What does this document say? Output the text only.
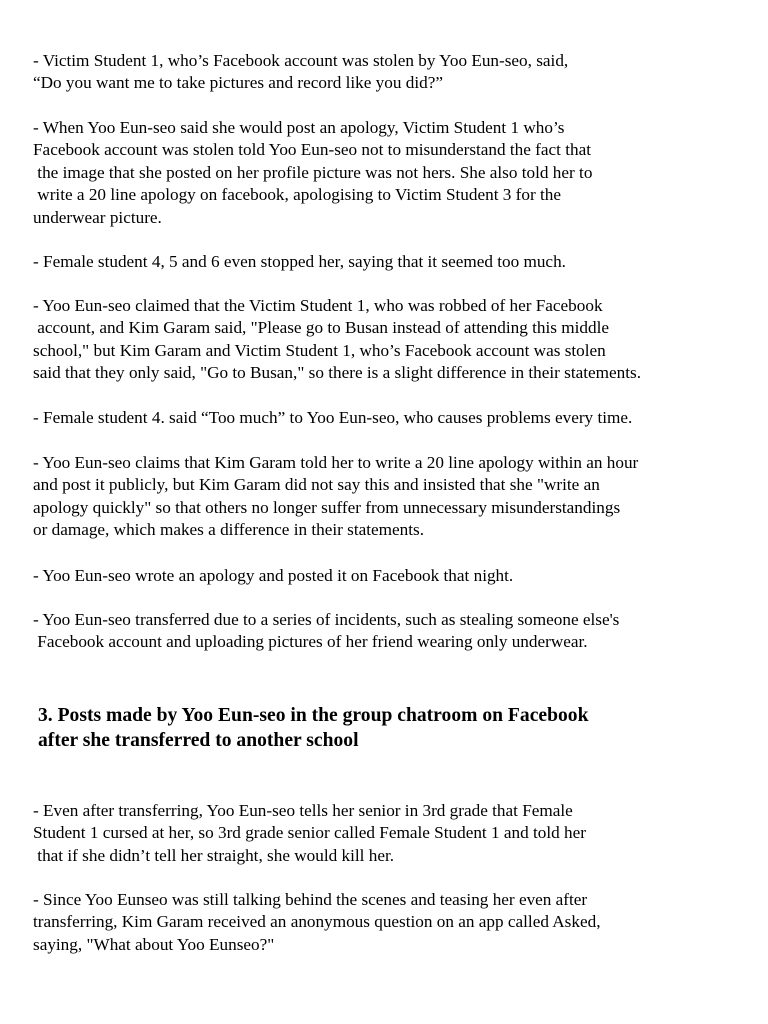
- Victim Student 1, who’s Facebook account was stolen by Yoo Eun-seo, said,
“Do you want me to take pictures and record like you did?”

- When Yoo Eun-seo said she would post an apology, Victim Student 1 who’s
Facebook account was stolen told Yoo Eun-seo not to misunderstand the fact that
the image that she posted on her profile picture was not hers. She also told her to
write a 20 line apology on facebook, apologising to Victim Student 3 for the
underwear picture.

- Female student 4, 5 and 6 even stopped her, saying that it seemed too much.

- Yoo Eun-seo claimed that the Victim Student 1, who was robbed of her Facebook
account, and Kim Garam said, "Please go to Busan instead of attending this middle
school," but Kim Garam and Victim Student 1, who’s Facebook account was stolen
said that they only said, "Go to Busan," so there is a slight difference in their statements.

- Female student 4. said “Too much” to Yoo Eun-seo, who causes problems every time.

- Yoo Eun-seo claims that Kim Garam told her to write a 20 line apology within an hour
and post it publicly, but Kim Garam did not say this and insisted that she "write an
apology quickly" so that others no longer suffer from unnecessary misunderstandings
or damage, which makes a difference in their statements.

- Yoo Eun-seo wrote an apology and posted it on Facebook that night.

- Yoo Eun-seo transferred due to a series of incidents, such as stealing someone else's
Facebook account and uploading pictures of her friend wearing only underwear.

3. Posts made by Yoo Eun-seo in the group chatroom on Facebook
after she transferred to another school

- Even after transferring, Yoo Eun-seo tells her senior in 3rd grade that Female
Student 1 cursed at her, so 3rd grade senior called Female Student 1 and told her
that if she didn’t tell her straight, she would kill her.

- Since Yoo Eunseo was still talking behind the scenes and teasing her even after
transferring, Kim Garam received an anonymous question on an app called Asked,
saying, "What about Yoo Eunseo?"
